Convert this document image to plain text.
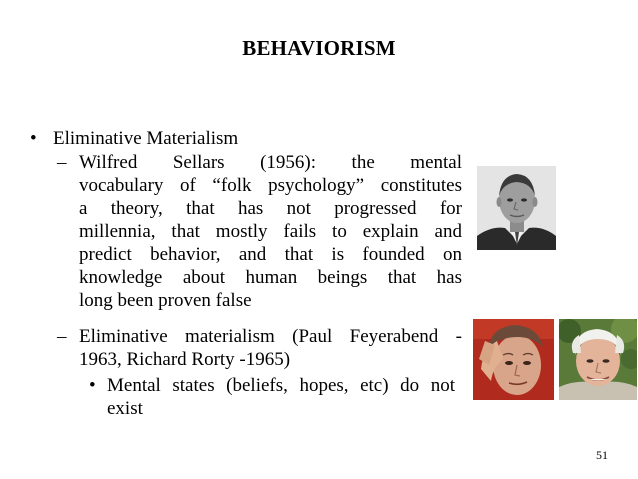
BEHAVIORISM
• Eliminative Materialism
– Wilfred Sellars (1956): the mental
vocabulary of “folk psychology” constitutes
a theory, that has not progressed for
millennia, that mostly fails to explain and
predict behavior, and that is founded on
knowledge about human beings that has
long been proven false
– Eliminative materialism (Paul Feyerabend -
1963, Richard Rorty -1965)
• Mental states (beliefs, hopes, etc) do not
exist
51
